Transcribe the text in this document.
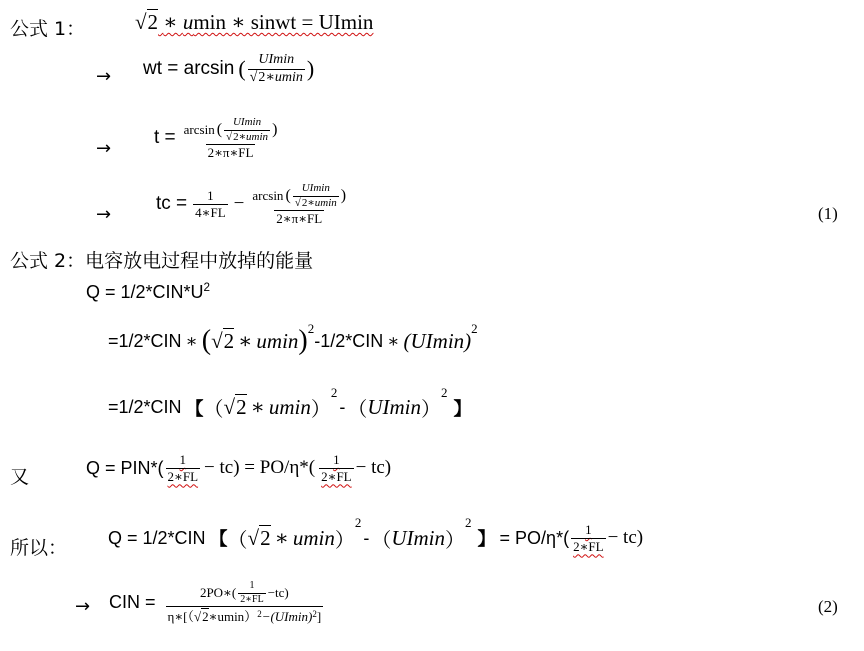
公式 1： √2 ∗ umin ∗ sinwt = UImin
→ wt = arcsin ( $\frac{UImin}{√2∗umin}$ )
→
t = arcsin ( $\frac{UImin}{√2∗umin}$ )
2∗π∗FL
→
tc = $\frac{1}{4∗FL} - \arcsin$ ( $\frac{UImin}{√2∗umin}$ )
2∗π∗FL	(1)
公式 2：电容放电过程中放掉的能量
$Q = 1/2*CIN*U^2$
=1/2*CIN ∗ ( √2 ∗ umin ) 2
-1/2*CIN ∗ (UImin) 2
=1/2*CIN 【 （ √2 ∗ umin ）
2
- （ UImin ）
2
】
又	$Q = PIN*( \frac{1}{2∗FL} - tc) = PO/\eta*( \frac{1}{2∗FL} - tc)$
所以： Q = 1/2*CIN 【 （ √2 ∗ umin ）
2
- （ UImin ）
2
】 = $PO/\eta*( \frac{1}{2∗FL} - tc)$
→ CIN =	2PO∗( $\frac{1}{2∗FL} -tc$)
η∗[（ √2 ∗umin） 2 −(UImin) 2 ]
(2)
